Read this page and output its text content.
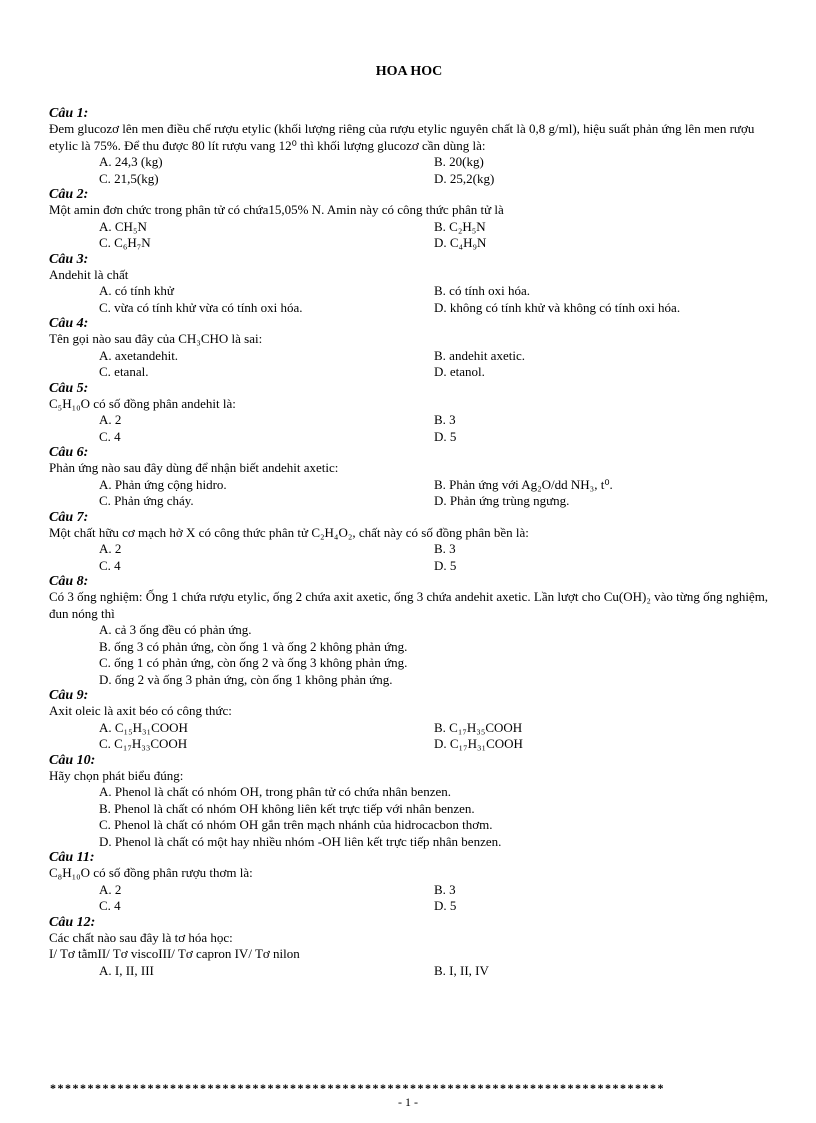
HOA HOC
Câu 1:
Đem glucozơ lên men điều chế rượu etylic (khối lượng riêng của rượu etylic nguyên chất là 0,8 g/ml), hiệu suất phản ứng lên men rượu etylic là 75%. Để thu được 80 lít rượu vang 12⁰ thì khối lượng glucozơ cần dùng là:
A. 24,3 (kg)	B. 20(kg)
C. 21,5(kg)	D. 25,2(kg)
Câu 2:
Một amin đơn chức trong phân tử có chứa15,05% N. Amin này có công thức phân tử là
A. CH₅N	B. C₂H₅N
C. C₆H₇N	D. C₄H₉N
Câu 3:
Andehit là chất
A. có tính khử	B. có tính oxi hóa.
C. vừa có tính khử vừa có tính oxi hóa.	D. không có tính khử và không có tính oxi hóa.
Câu 4:
Tên gọi nào sau đây của CH₃CHO là sai:
A. axetandehit.	B. andehit axetic.
C. etanal.	D. etanol.
Câu 5:
C₅H₁₀O có số đồng phân andehit là:
A. 2	B. 3
C. 4	D. 5
Câu 6:
Phản ứng nào sau đây dùng để nhận biết andehit axetic:
A. Phản ứng cộng hidro.	B. Phản ứng với Ag₂O/dd NH₃, t⁰.
C. Phản ứng cháy.	D. Phản ứng trùng ngưng.
Câu 7:
Một chất hữu cơ mạch hở X có công thức phân tử C₂H₄O₂, chất này có số đồng phân bền là:
A. 2	B. 3
C. 4	D. 5
Câu 8:
Có 3 ống nghiệm: Ống 1 chứa rượu etylic, ống 2 chứa axit axetic, ống 3 chứa andehit axetic. Lần lượt cho Cu(OH)₂ vào từng ống nghiệm, đun nóng thì
A. cả 3 ống đều có phản ứng.
B. ống 3 có phản ứng, còn ống 1 và ống 2 không phản ứng.
C. ống 1 có phản ứng, còn ống 2 và ống 3 không phản ứng.
D. ống 2 và ống 3 phản ứng, còn ống 1 không phản ứng.
Câu 9:
Axit oleic là axit béo có công thức:
A. C₁₅H₃₁COOH	B. C₁₇H₃₅COOH
C. C₁₇H₃₃COOH	D. C₁₇H₃₁COOH
Câu 10:
Hãy chọn phát biểu đúng:
A. Phenol là chất có nhóm OH, trong phân tử có chứa nhân benzen.
B. Phenol là chất có nhóm OH không liên kết trực tiếp với nhân benzen.
C. Phenol là chất có nhóm OH gắn trên mạch nhánh của hidrocacbon thơm.
D. Phenol là chất có một hay nhiều nhóm -OH liên kết trực tiếp nhân benzen.
Câu 11:
C₈H₁₀O có số đồng phân rượu thơm là:
A. 2	B. 3
C. 4	D. 5
Câu 12:
Các chất nào sau đây là tơ hóa học:
I/ Tơ tằmII/ Tơ viscoIII/ Tơ capron IV/ Tơ nilon
A. I, II, III	B. I, II, IV
**********************************************************************************
- 1 -
